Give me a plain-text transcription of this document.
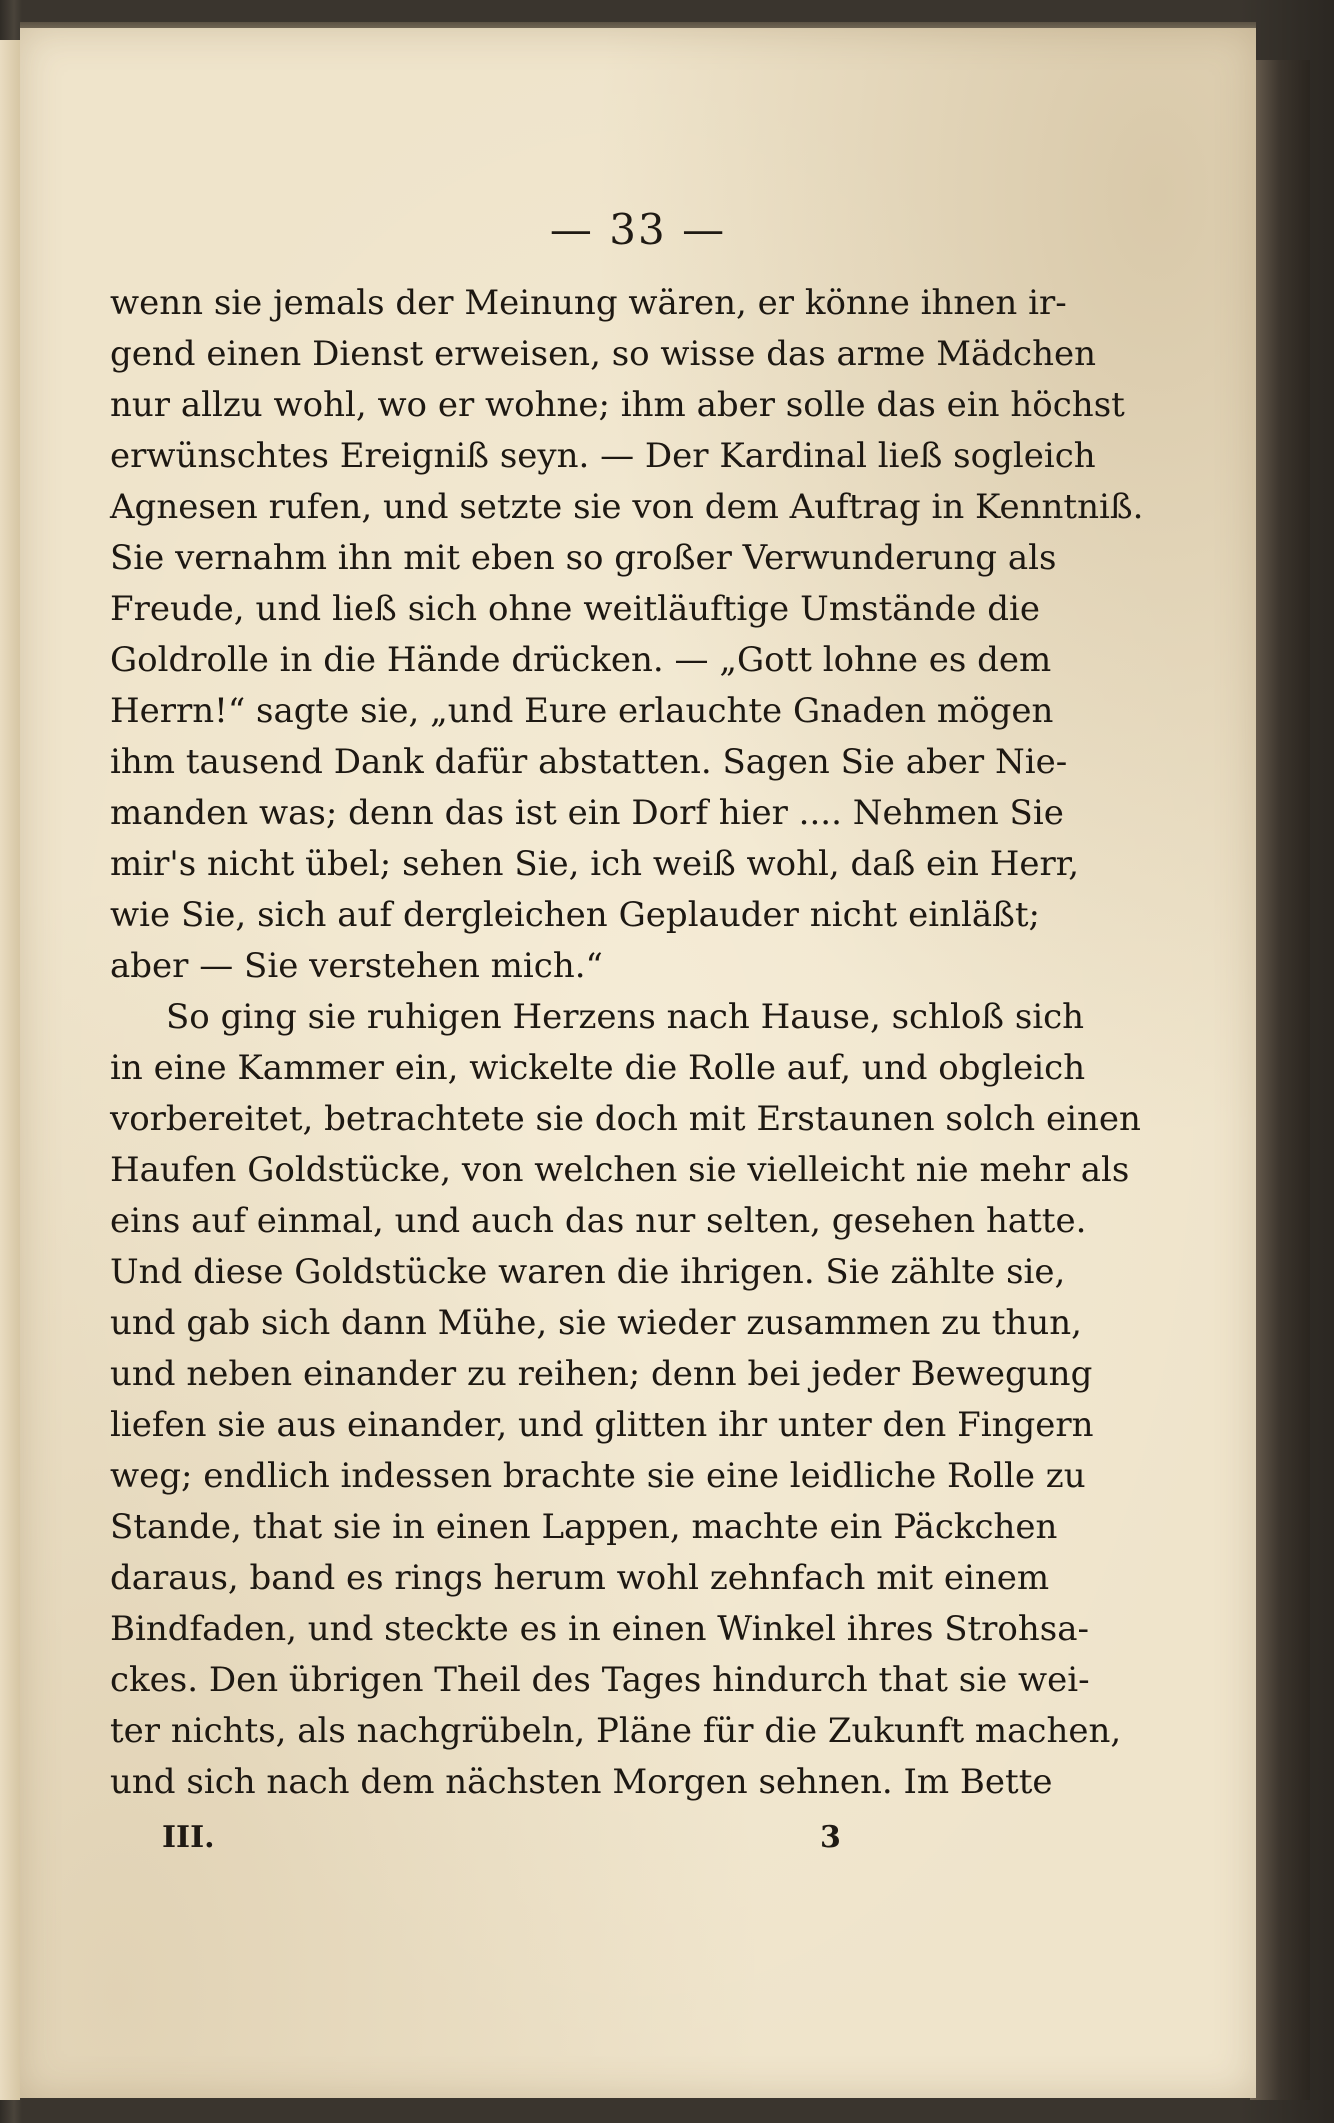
— 33 —
wenn sie jemals der Meinung wären, er könne ihnen ir-
gend einen Dienst erweisen, so wisse das arme Mädchen
nur allzu wohl, wo er wohne; ihm aber solle das ein höchst
erwünschtes Ereigniß seyn. — Der Kardinal ließ sogleich
Agnesen rufen, und setzte sie von dem Auftrag in Kenntniß.
Sie vernahm ihn mit eben so großer Verwunderung als
Freude, und ließ sich ohne weitläuftige Umstände die
Goldrolle in die Hände drücken. — „Gott lohne es dem
Herrn!“ sagte sie, „und Eure erlauchte Gnaden mögen
ihm tausend Dank dafür abstatten. Sagen Sie aber Nie-
manden was; denn das ist ein Dorf hier .... Nehmen Sie
mir's nicht übel; sehen Sie, ich weiß wohl, daß ein Herr,
wie Sie, sich auf dergleichen Geplauder nicht einläßt;
aber — Sie verstehen mich.“
So ging sie ruhigen Herzens nach Hause, schloß sich
in eine Kammer ein, wickelte die Rolle auf, und obgleich
vorbereitet, betrachtete sie doch mit Erstaunen solch einen
Haufen Goldstücke, von welchen sie vielleicht nie mehr als
eins auf einmal, und auch das nur selten, gesehen hatte.
Und diese Goldstücke waren die ihrigen. Sie zählte sie,
und gab sich dann Mühe, sie wieder zusammen zu thun,
und neben einander zu reihen; denn bei jeder Bewegung
liefen sie aus einander, und glitten ihr unter den Fingern
weg; endlich indessen brachte sie eine leidliche Rolle zu
Stande, that sie in einen Lappen, machte ein Päckchen
daraus, band es rings herum wohl zehnfach mit einem
Bindfaden, und steckte es in einen Winkel ihres Strohsa-
ckes. Den übrigen Theil des Tages hindurch that sie wei-
ter nichts, als nachgrübeln, Pläne für die Zukunft machen,
und sich nach dem nächsten Morgen sehnen. Im Bette
III.	3
